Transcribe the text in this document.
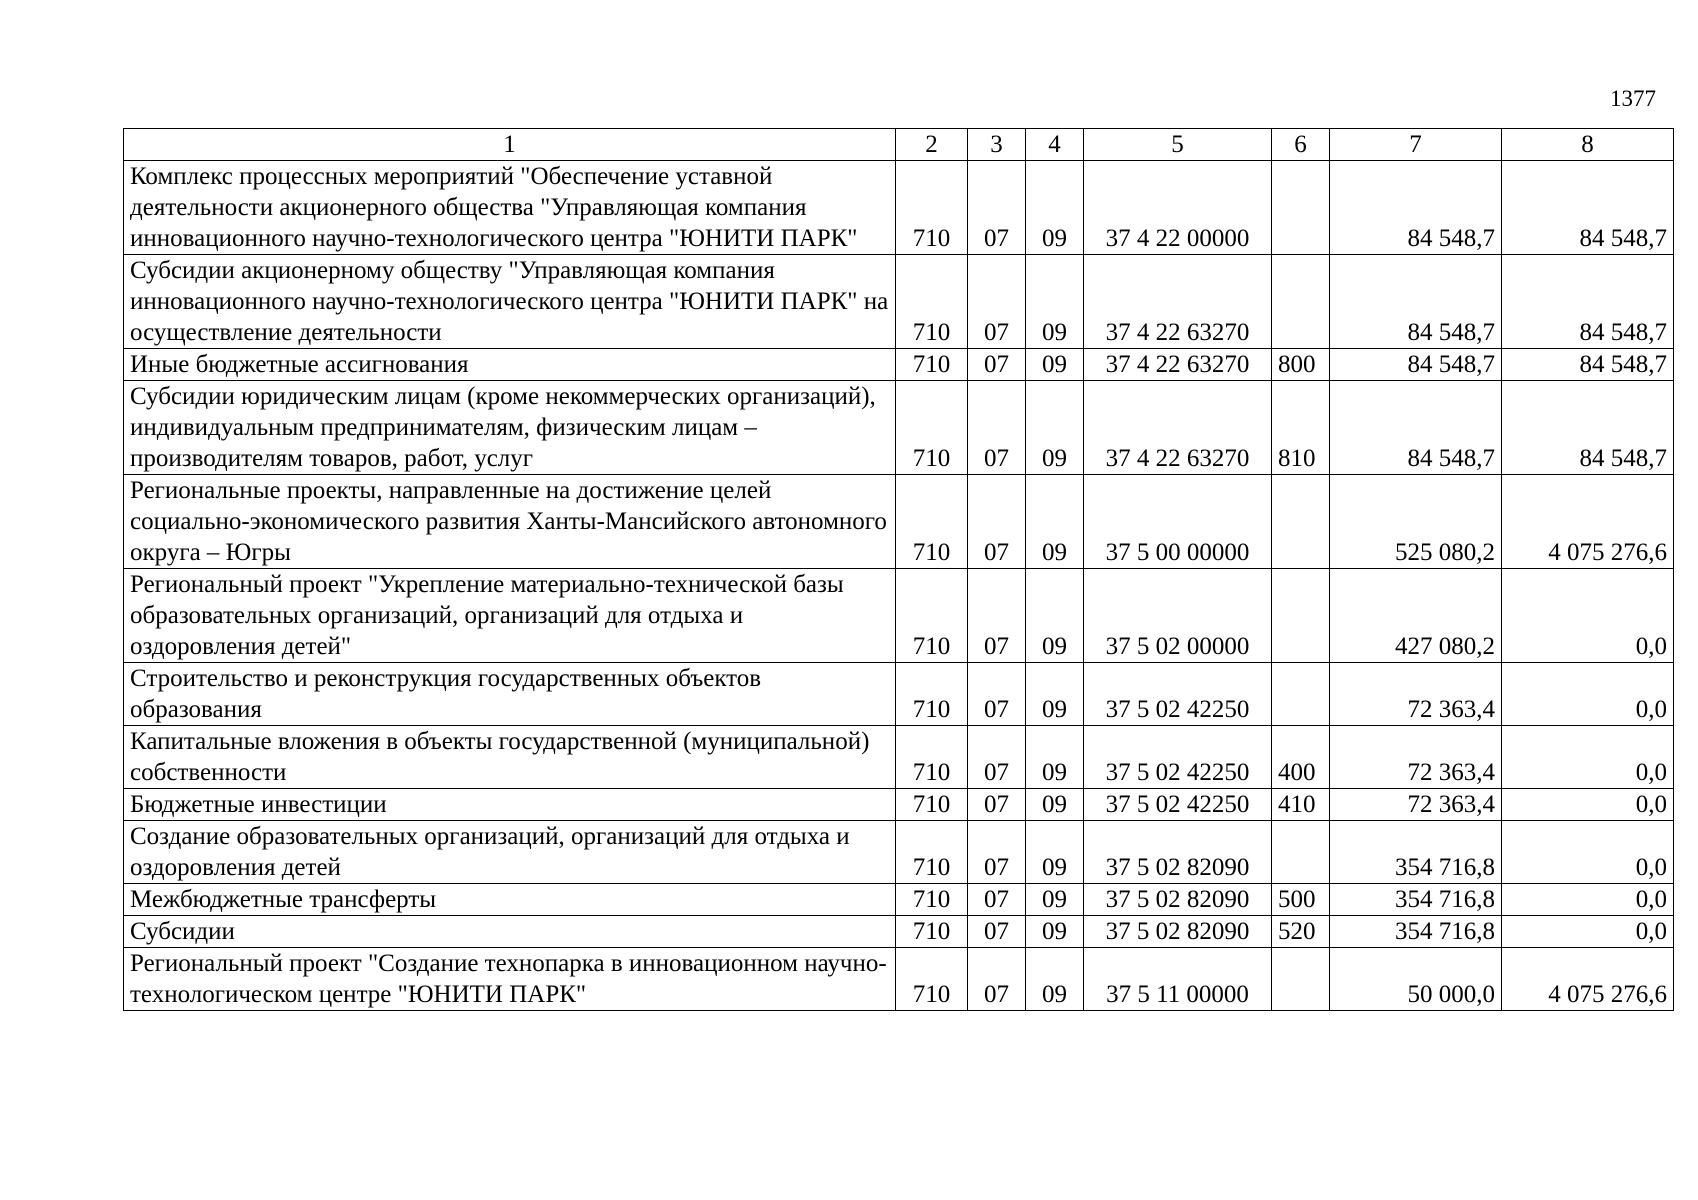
1377
1	2	3	4	5	6	7	8
Комплекс процессных мероприятий "Обеспечение уставной деятельности акционерного общества "Управляющая компания инновационного научно-технологического центра "ЮНИТИ ПАРК"	710	07	09	37 4 22 00000		84 548,7	84 548,7
Субсидии акционерному обществу "Управляющая компания инновационного научно-технологического центра "ЮНИТИ ПАРК" на осуществление деятельности	710	07	09	37 4 22 63270		84 548,7	84 548,7
Иные бюджетные ассигнования	710	07	09	37 4 22 63270	800	84 548,7	84 548,7
Субсидии юридическим лицам (кроме некоммерческих организаций), индивидуальным предпринимателям, физическим лицам – производителям товаров, работ, услуг	710	07	09	37 4 22 63270	810	84 548,7	84 548,7
Региональные проекты, направленные на достижение целей социально-экономического развития Ханты-Мансийского автономного округа – Югры	710	07	09	37 5 00 00000		525 080,2	4 075 276,6
Региональный проект "Укрепление материально-технической базы образовательных организаций, организаций для отдыха и оздоровления детей"	710	07	09	37 5 02 00000		427 080,2	0,0
Строительство и реконструкция государственных объектов образования	710	07	09	37 5 02 42250		72 363,4	0,0
Капитальные вложения в объекты государственной (муниципальной) собственности	710	07	09	37 5 02 42250	400	72 363,4	0,0
Бюджетные инвестиции	710	07	09	37 5 02 42250	410	72 363,4	0,0
Создание образовательных организаций, организаций для отдыха и оздоровления детей	710	07	09	37 5 02 82090		354 716,8	0,0
Межбюджетные трансферты	710	07	09	37 5 02 82090	500	354 716,8	0,0
Субсидии	710	07	09	37 5 02 82090	520	354 716,8	0,0
Региональный проект "Создание технопарка в инновационном научно-технологическом центре "ЮНИТИ ПАРК"	710	07	09	37 5 11 00000		50 000,0	4 075 276,6
